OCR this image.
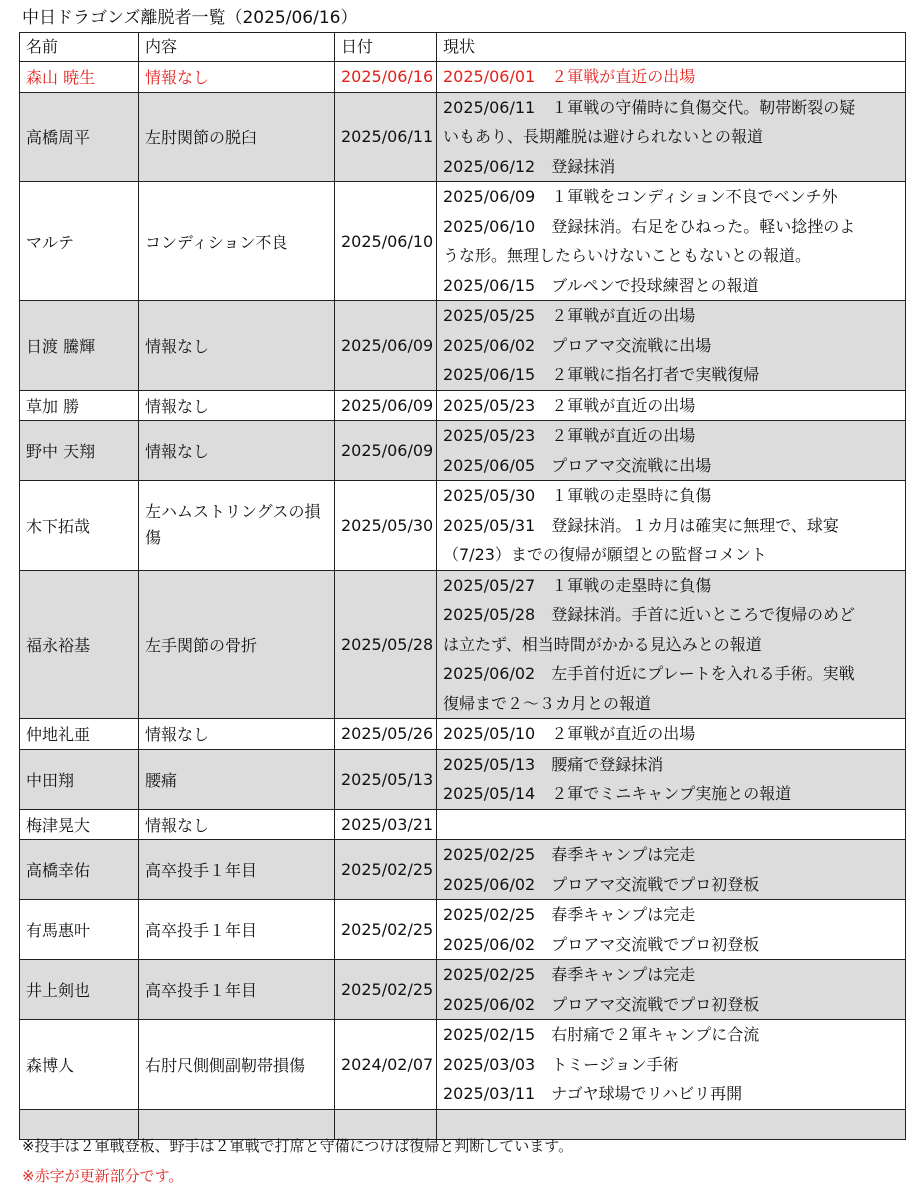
中日ドラゴンズ離脱者一覧（2025/06/16）
名前	内容	日付	現状
森山 暁生	情報なし	2025/06/16	2025/06/01　２軍戦が直近の出場

高橋周平	左肘関節の脱臼	2025/06/11	2025/06/11　１軍戦の守備時に負傷交代。靭帯断裂の疑
いもあり、長期離脱は避けられないとの報道
2025/06/12　登録抹消

マルテ	コンディション不良	2025/06/10	2025/06/09　１軍戦をコンディション不良でベンチ外
2025/06/10　登録抹消。右足をひねった。軽い捻挫のよ
うな形。無理したらいけないこともないとの報道。
2025/06/15　ブルペンで投球練習との報道

日渡 騰輝	情報なし	2025/06/09	2025/05/25　２軍戦が直近の出場
2025/06/02　プロアマ交流戦に出場
2025/06/15　２軍戦に指名打者で実戦復帰

草加 勝	情報なし	2025/06/09	2025/05/23　２軍戦が直近の出場

野中 天翔	情報なし	2025/06/09	2025/05/23　２軍戦が直近の出場
2025/06/05　プロアマ交流戦に出場

木下拓哉	左ハムストリングスの損傷	2025/05/30	2025/05/30　１軍戦の走塁時に負傷
2025/05/31　登録抹消。１カ月は確実に無理で、球宴
（7/23）までの復帰が願望との監督コメント

福永裕基	左手関節の骨折	2025/05/28	2025/05/27　１軍戦の走塁時に負傷
2025/05/28　登録抹消。手首に近いところで復帰のめど
は立たず、相当時間がかかる見込みとの報道
2025/06/02　左手首付近にプレートを入れる手術。実戦
復帰まで２〜３カ月との報道

仲地礼亜	情報なし	2025/05/26	2025/05/10　２軍戦が直近の出場

中田翔	腰痛	2025/05/13	2025/05/13　腰痛で登録抹消
2025/05/14　２軍でミニキャンプ実施との報道

梅津晃大	情報なし	2025/03/21	
高橋幸佑	高卒投手１年目	2025/02/25	2025/02/25　春季キャンプは完走
2025/06/02　プロアマ交流戦でプロ初登板

有馬惠叶	高卒投手１年目	2025/02/25	2025/02/25　春季キャンプは完走
2025/06/02　プロアマ交流戦でプロ初登板

井上剣也	高卒投手１年目	2025/02/25	2025/02/25　春季キャンプは完走
2025/06/02　プロアマ交流戦でプロ初登板

森博人	右肘尺側側副靭帯損傷	2024/02/07	2025/02/15　右肘痛で２軍キャンプに合流
2025/03/03　トミージョン手術
2025/03/11　ナゴヤ球場でリハビリ再開

※投手は２軍戦登板、野手は２軍戦で打席と守備につけば復帰と判断しています。
※赤字が更新部分です。
